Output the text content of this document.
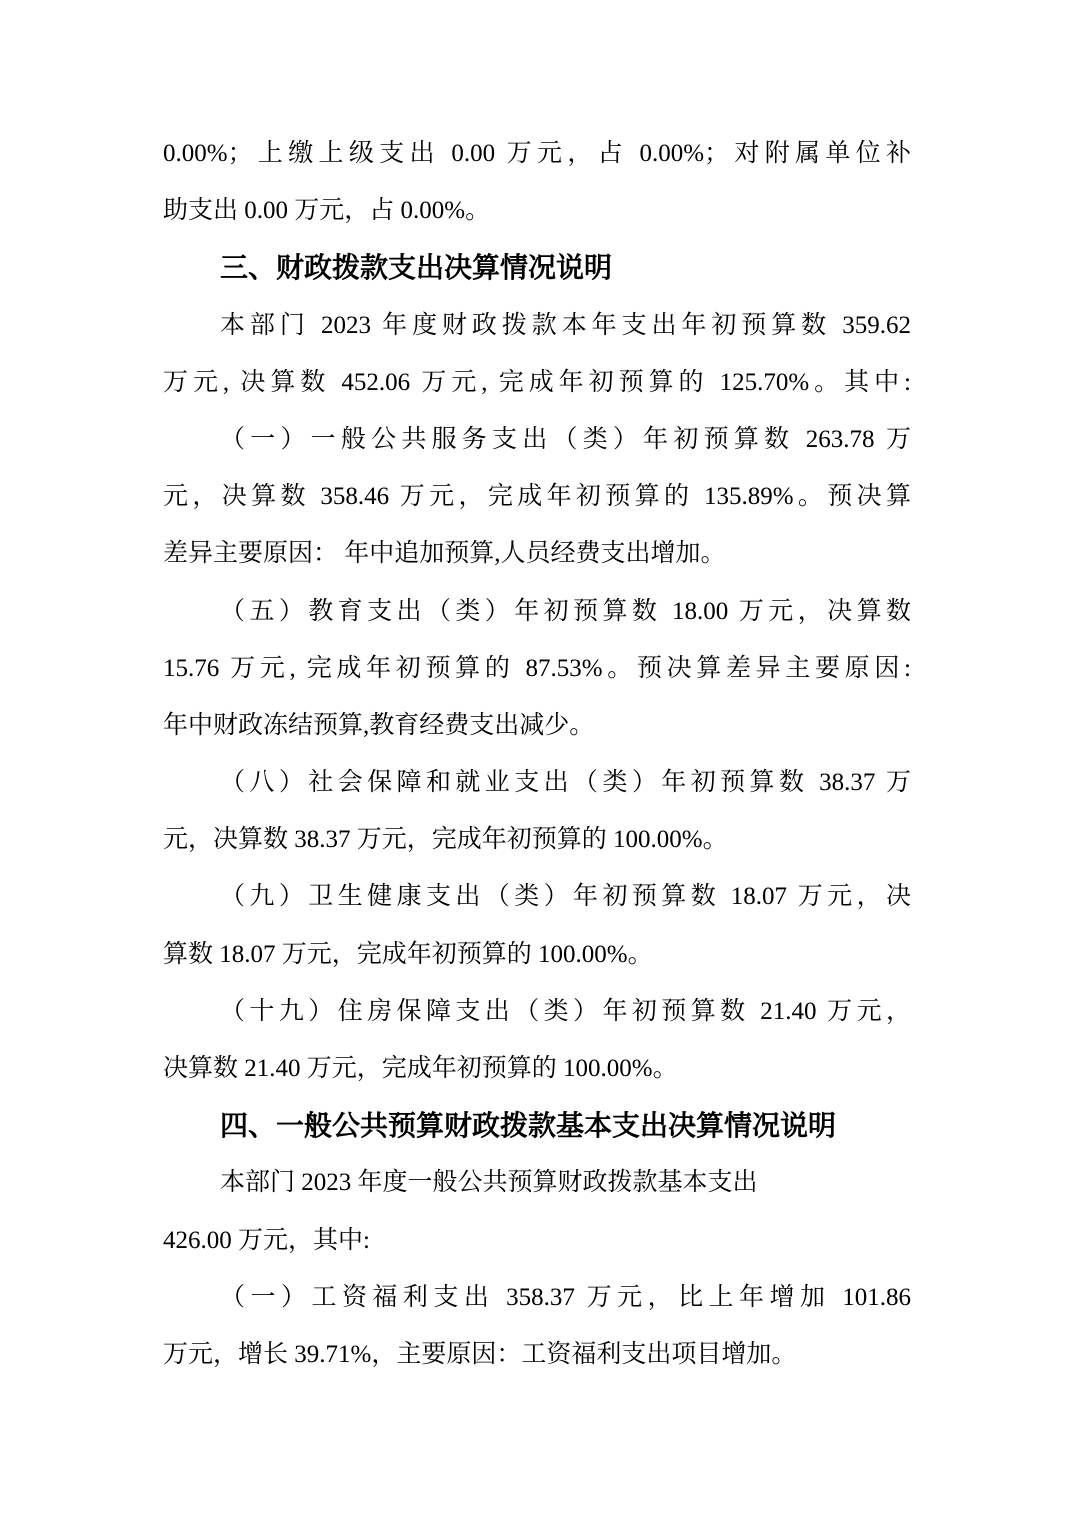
0.00%；上缴上级支出 0.00 万元，占 0.00%；对附属单位补
助支出 0.00 万元，占 0.00%。
三、财政拨款支出决算情况说明
本部门 2023 年度财政拨款本年支出年初预算数 359.62
万元, 决算数 452.06 万元, 完成年初预算的 125.70%。其中:
（一）一般公共服务支出（类）年初预算数 263.78 万
元，决算数 358.46 万元，完成年初预算的 135.89%。预决算
差异主要原因： 年中追加预算,人员经费支出增加。
（五）教育支出（类）年初预算数 18.00 万元，决算数
15.76 万元, 完成年初预算的 87.53%。预决算差异主要原因:
年中财政冻结预算,教育经费支出减少。
（八）社会保障和就业支出（类）年初预算数 38.37 万
元，决算数 38.37 万元，完成年初预算的 100.00%。
（九）卫生健康支出（类）年初预算数 18.07 万元，决
算数 18.07 万元，完成年初预算的 100.00%。
（十九）住房保障支出（类）年初预算数 21.40 万元，
决算数 21.40 万元，完成年初预算的 100.00%。
四、一般公共预算财政拨款基本支出决算情况说明
本部门 2023 年度一般公共预算财政拨款基本支出
426.00 万元，其中:
（一）工资福利支出 358.37 万元，比上年增加 101.86
万元，增长 39.71%，主要原因：工资福利支出项目增加。
